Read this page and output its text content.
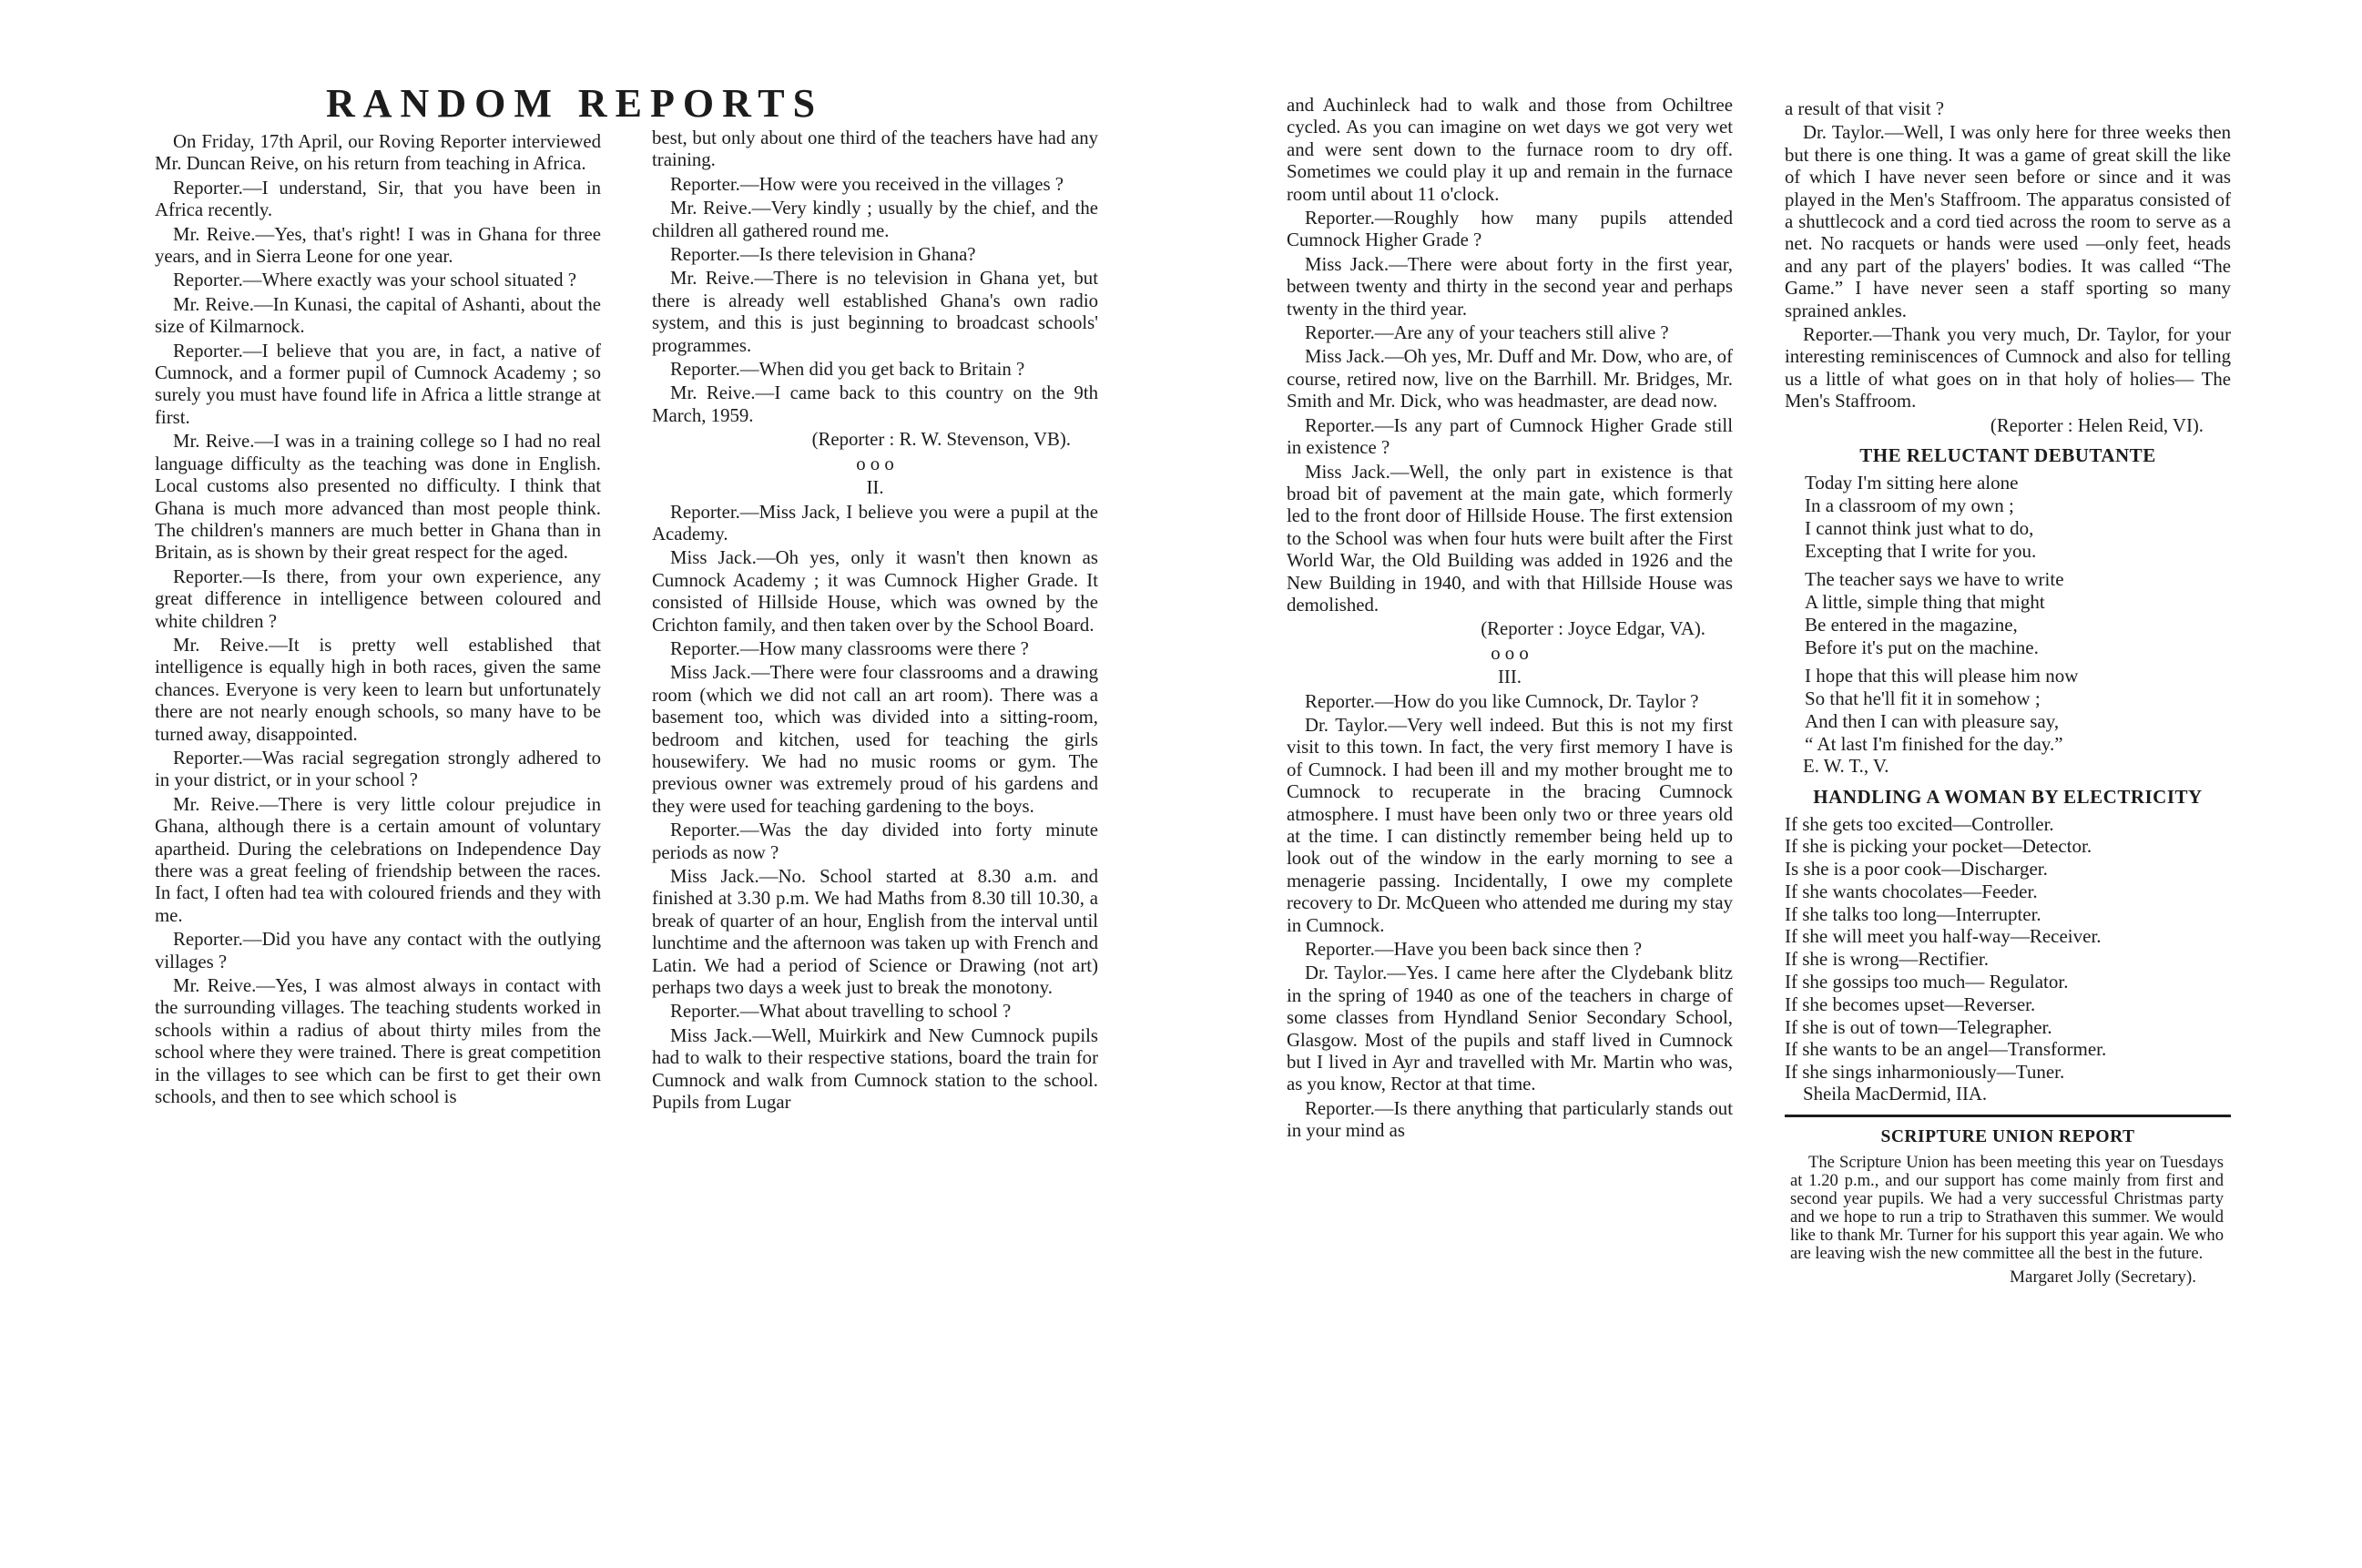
RANDOM REPORTS

On Friday, 17th April, our Roving Reporter interviewed Mr. Duncan Reive, on his return from teaching in Africa.

Reporter.—I understand, Sir, that you have been in Africa recently.

Mr. Reive.—Yes, that's right! I was in Ghana for three years, and in Sierra Leone for one year.

Reporter.—Where exactly was your school situated ?

Mr. Reive.—In Kunasi, the capital of Ashanti, about the size of Kilmarnock.

Reporter.—I believe that you are, in fact, a native of Cumnock, and a former pupil of Cumnock Academy ; so surely you must have found life in Africa a little strange at first.

Mr. Reive.—I was in a training college so I had no real language difficulty as the teaching was done in English. Local customs also presented no difficulty. I think that Ghana is much more advanced than most people think. The children's manners are much better in Ghana than in Britain, as is shown by their great respect for the aged.

Reporter.—Is there, from your own experience, any great difference in intelligence between coloured and white children ?

Mr. Reive.—It is pretty well established that intelligence is equally high in both races, given the same chances. Everyone is very keen to learn but unfortunately there are not nearly enough schools, so many have to be turned away, disappointed.

Reporter.—Was racial segregation strongly adhered to in your district, or in your school ?

Mr. Reive.—There is very little colour prejudice in Ghana, although there is a certain amount of voluntary apartheid. During the celebrations on Independence Day there was a great feeling of friendship between the races. In fact, I often had tea with coloured friends and they with me.

Reporter.—Did you have any contact with the outlying villages ?

Mr. Reive.—Yes, I was almost always in contact with the surrounding villages. The teaching students worked in schools within a radius of about thirty miles from the school where they were trained. There is great competition in the villages to see which can be first to get their own schools, and then to see which school is

best, but only about one third of the teachers have had any training.

Reporter.—How were you received in the villages ?

Mr. Reive.—Very kindly ; usually by the chief, and the children all gathered round me.

Reporter.—Is there television in Ghana?

Mr. Reive.—There is no television in Ghana yet, but there is already well established Ghana's own radio system, and this is just beginning to broadcast schools' programmes.

Reporter.—When did you get back to Britain ?

Mr. Reive.—I came back to this country on the 9th March, 1959.

(Reporter : R. W. Stevenson, VB).

o o o

II.

Reporter.—Miss Jack, I believe you were a pupil at the Academy.

Miss Jack.—Oh yes, only it wasn't then known as Cumnock Academy ; it was Cumnock Higher Grade. It consisted of Hillside House, which was owned by the Crichton family, and then taken over by the School Board.

Reporter.—How many classrooms were there ?

Miss Jack.—There were four classrooms and a drawing room (which we did not call an art room). There was a basement too, which was divided into a sitting-room, bedroom and kitchen, used for teaching the girls housewifery. We had no music rooms or gym. The previous owner was extremely proud of his gardens and they were used for teaching gardening to the boys.

Reporter.—Was the day divided into forty minute periods as now ?

Miss Jack.—No. School started at 8.30 a.m. and finished at 3.30 p.m. We had Maths from 8.30 till 10.30, a break of quarter of an hour, English from the interval until lunchtime and the afternoon was taken up with French and Latin. We had a period of Science or Drawing (not art) perhaps two days a week just to break the monotony.

Reporter.—What about travelling to school ?

Miss Jack.—Well, Muirkirk and New Cumnock pupils had to walk to their respective stations, board the train for Cumnock and walk from Cumnock station to the school. Pupils from Lugar

and Auchinleck had to walk and those from Ochiltree cycled. As you can imagine on wet days we got very wet and were sent down to the furnace room to dry off. Sometimes we could play it up and remain in the furnace room until about 11 o'clock.

Reporter.—Roughly how many pupils attended Cumnock Higher Grade ?

Miss Jack.—There were about forty in the first year, between twenty and thirty in the second year and perhaps twenty in the third year.

Reporter.—Are any of your teachers still alive ?

Miss Jack.—Oh yes, Mr. Duff and Mr. Dow, who are, of course, retired now, live on the Barrhill. Mr. Bridges, Mr. Smith and Mr. Dick, who was headmaster, are dead now.

Reporter.—Is any part of Cumnock Higher Grade still in existence ?

Miss Jack.—Well, the only part in existence is that broad bit of pavement at the main gate, which formerly led to the front door of Hillside House. The first extension to the School was when four huts were built after the First World War, the Old Building was added in 1926 and the New Building in 1940, and with that Hillside House was demolished.

(Reporter : Joyce Edgar, VA).

o o o

III.

Reporter.—How do you like Cumnock, Dr. Taylor ?

Dr. Taylor.—Very well indeed. But this is not my first visit to this town. In fact, the very first memory I have is of Cumnock. I had been ill and my mother brought me to Cumnock to recuperate in the bracing Cumnock atmosphere. I must have been only two or three years old at the time. I can distinctly remember being held up to look out of the window in the early morning to see a menagerie passing. Incidentally, I owe my complete recovery to Dr. McQueen who attended me during my stay in Cumnock.

Reporter.—Have you been back since then ?

Dr. Taylor.—Yes. I came here after the Clydebank blitz in the spring of 1940 as one of the teachers in charge of some classes from Hyndland Senior Secondary School, Glasgow. Most of the pupils and staff lived in Cumnock but I lived in Ayr and travelled with Mr. Martin who was, as you know, Rector at that time.

Reporter.—Is there anything that particularly stands out in your mind as

a result of that visit ?

Dr. Taylor.—Well, I was only here for three weeks then but there is one thing. It was a game of great skill the like of which I have never seen before or since and it was played in the Men's Staffroom. The apparatus consisted of a shuttlecock and a cord tied across the room to serve as a net. No racquets or hands were used —only feet, heads and any part of the players' bodies. It was called “The Game.” I have never seen a staff sporting so many sprained ankles.

Reporter.—Thank you very much, Dr. Taylor, for your interesting reminiscences of Cumnock and also for telling us a little of what goes on in that holy of holies— The Men's Staffroom.

(Reporter : Helen Reid, VI).

THE RELUCTANT DEBUTANTE
Today I'm sitting here alone
In a classroom of my own ;
I cannot think just what to do,
Excepting that I write for you.
The teacher says we have to write
A little, simple thing that might
Be entered in the magazine,
Before it's put on the machine.
I hope that this will please him now
So that he'll fit it in somehow ;
And then I can with pleasure say,
“ At last I'm finished for the day.”

E. W. T., V.

HANDLING A WOMAN BY ELECTRICITY
If she gets too excited—Controller.
If she is picking your pocket—Detector.
Is she is a poor cook—Discharger.
If she wants chocolates—Feeder.
If she talks too long—Interrupter.
If she will meet you half-way—Receiver.
If she is wrong—Rectifier.
If she gossips too much— Regulator.
If she becomes upset—Reverser.
If she is out of town—Telegrapher.
If she wants to be an angel—Transformer.
If she sings inharmoniously—Tuner.

Sheila MacDermid, IIA.

SCRIPTURE UNION REPORT

The Scripture Union has been meeting this year on Tuesdays at 1.20 p.m., and our support has come mainly from first and second year pupils. We had a very successful Christmas party and we hope to run a trip to Strathaven this summer. We would like to thank Mr. Turner for his support this year again. We who are leaving wish the new committee all the best in the future.

Margaret Jolly (Secretary).
